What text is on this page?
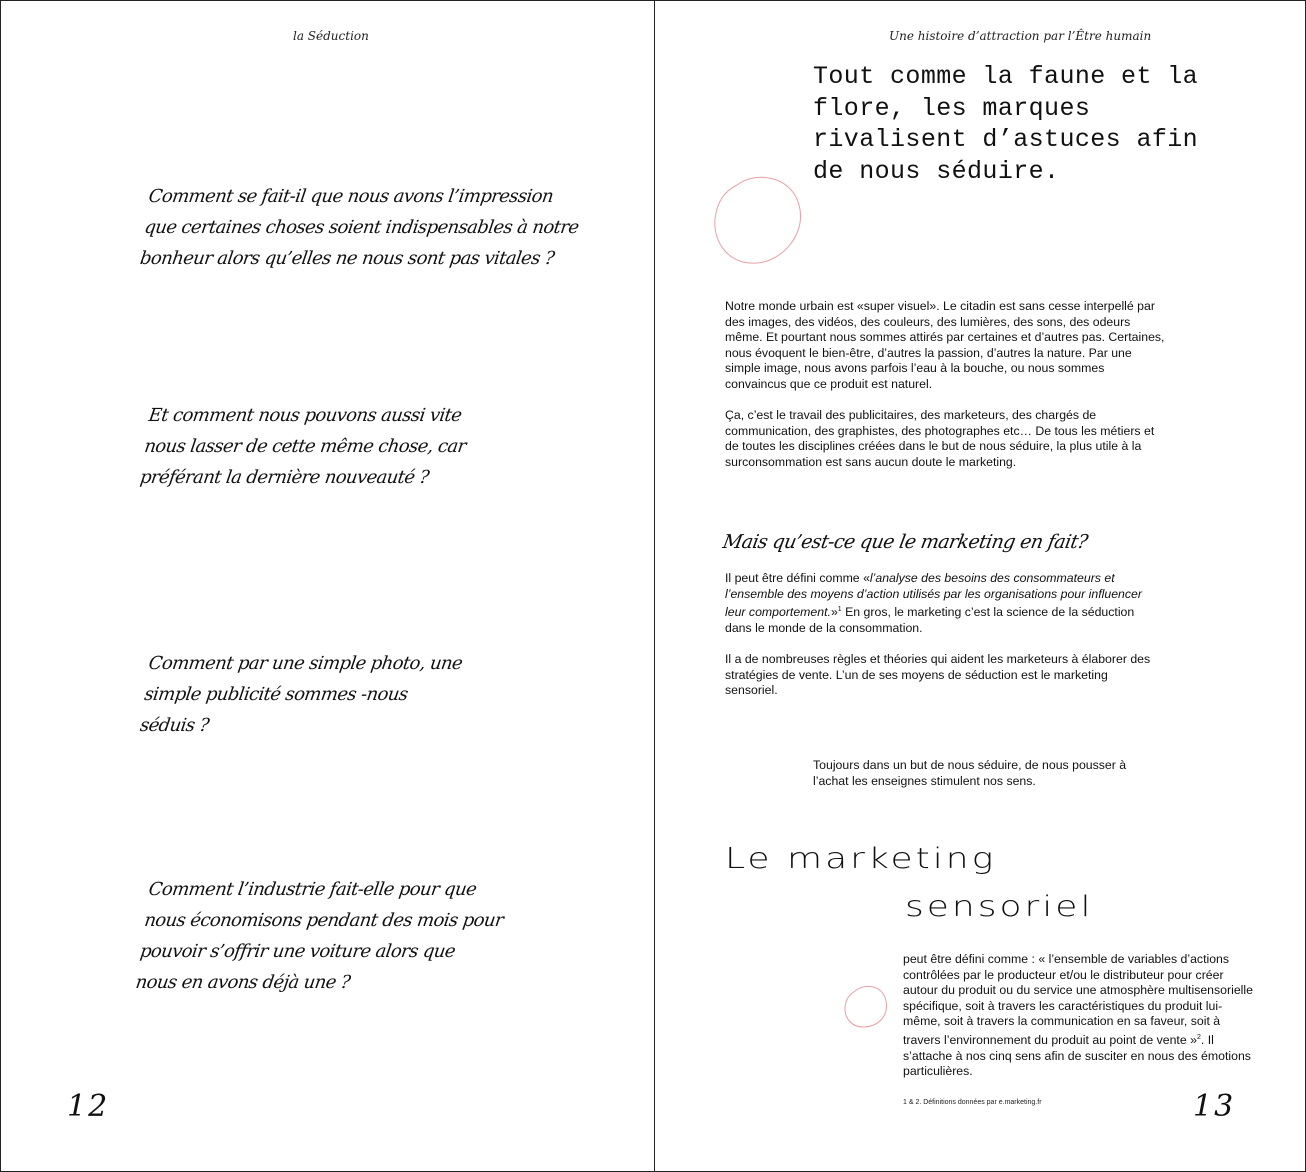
la Séduction
Comment se fait-il que nous avons l’impression que certaines choses soient indispensables à notre bonheur alors qu’elles ne nous sont pas vitales ?
Et comment nous pouvons aussi vite nous lasser de cette même chose, car préférant la dernière nouveauté ?
Comment par une simple photo, une simple publicité sommes -nous séduis ?
Comment l’industrie fait-elle pour que nous économisons pendant des mois pour pouvoir s’offrir une voiture alors que nous en avons déjà une ?
12
Une histoire d’attraction par l’Être humain
Tout comme la faune et la flore, les marques rivalisent d’astuces afin de nous séduire.

Notre monde urbain est «super visuel». Le citadin est sans cesse interpellé par des images, des vidéos, des couleurs, des lumières, des sons, des odeurs même. Et pourtant nous sommes attirés par certaines et d’autres pas. Certaines, nous évoquent le bien-être, d’autres la passion, d’autres la nature. Par une simple image, nous avons parfois l’eau à la bouche, ou nous sommes convaincus que ce produit est naturel.

Ça, c’est le travail des publicitaires, des marketeurs, des chargés de communication, des graphistes, des photographes etc… De tous les métiers et de toutes les disciplines créées dans le but de nous séduire, la plus utile à la surconsommation est sans aucun doute le marketing.

Mais qu’est-ce que le marketing en fait?

Il peut être défini comme «l’analyse des besoins des consommateurs et l’ensemble des moyens d’action utilisés par les organisations pour influencer leur comportement.»$^1$ En gros, le marketing c’est la science de la séduction dans le monde de la consommation.

Il a de nombreuses règles et théories qui aident les marketeurs à élaborer des stratégies de vente. L’un de ses moyens de séduction est le marketing sensoriel.

Toujours dans un but de nous séduire, de nous pousser à l’achat les enseignes stimulent nos sens.
Le marketing
sensoriel
peut être défini comme : « l’ensemble de variables d’actions contrôlées par le producteur et/ou le distributeur pour créer autour du produit ou du service une atmosphère multisensorielle spécifique, soit à travers les caractéristiques du produit lui-même, soit à travers la communication en sa faveur, soit à travers l’environnement du produit au point de vente »$^2$. Il s’attache à nos cinq sens afin de susciter en nous des émotions particulières.
1 & 2. Définitions données par e.marketing.fr	13
